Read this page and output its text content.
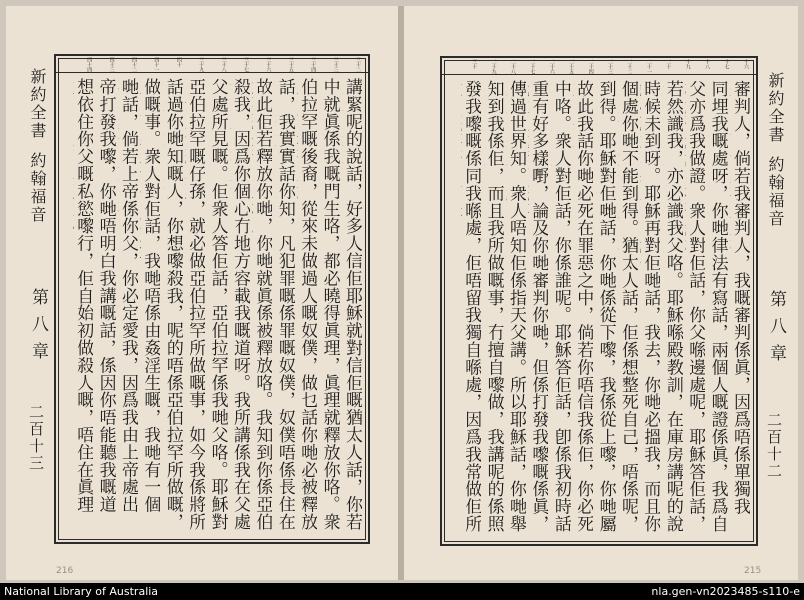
新約全書
約翰福音
第八章
二百十三
三十二
三十三
三十四
三十五
三十六
三十七
三十八
三十九
四十
四十一
四十二
四十三
四十四
講緊呢的說話，好多人信佢耶穌就對信佢嘅猶太人話，你若
中就眞係我嘅門生咯，都必曉得眞理，眞理就釋放你咯。衆
伯拉罕嘅後裔，從來未做過人嘅奴僕，做乜話你哋必被釋放
話，我實實話你知，凡犯罪嘅係罪嘅奴僕，奴僕唔係長住在
故此佢若釋放你哋，你哋就眞係被釋放咯。我知到你係亞伯
殺我，因爲你個心冇地方容載我嘅道呀。我所講係我在父處
父處所見嘅。佢衆人答佢話，亞伯拉罕係我哋父咯。耶穌對
亞伯拉罕嘅仔孫，就必做亞伯拉罕所做嘅事，如今我係將所
話過你哋知嘅人，你想嚟殺我，呢的唔係亞伯拉罕所做嘅，
做嘅事。衆人對佢話，我哋唔係由姦淫生嘅，我哋有一個
哋話，倘若上帝係你父，你必定愛我，因爲我由上帝處出
帝打發我嚟，你哋唔明白我講嘅話，係因你唔能聽我嘅道
想依住你父嘅私慾嚟行，佢自始初做殺人嘅，唔住在眞理
216
十六
十七
十八
十九
二十
二十一
二十二
二十三
二十四
二十五
二十六
二十七
二十八
二十九
三十
審判人，倘若我審判人，我嘅審判係眞，因爲唔係單獨我
同埋我嘅處呀，你哋律法有寫話，兩個人嘅證係眞，我爲自
父亦爲我做證。衆人對佢話，你父喺邊處呢，耶穌答佢話，
若然識我，亦必識我父咯。耶穌喺殿教訓，在庫房講呢的說
時候未到呀。耶穌再對佢哋話，我去，你哋必搵我，而且你
個處你哋不能到得。猶太人話，佢係想整死自己，唔係呢，
到得。耶穌對佢哋話，你哋係從下嚟，我係從上嚟，你哋屬
故此我話你哋必死在罪惡之中，倘若你唔信我係佢，你必死
中咯。衆人對佢話，你係誰呢。耶穌答佢話，卽係我初時話
重有好多樣嘢，論及你哋審判你哋，但係打發我嚟嘅係眞，
傳過世界知。衆人唔知佢係指天父講。所以耶穌話，你哋舉
知到我係佢，而且我所做嘅事，冇擅自嚟做，我講呢的係照
發我嚟嘅係同我喺處，佢唔留我獨自喺處，因爲我常做佢所
新約全書
約翰福音
第八章
二百十二
215
National Library of Australia	nla.gen-vn2023485-s110-e
